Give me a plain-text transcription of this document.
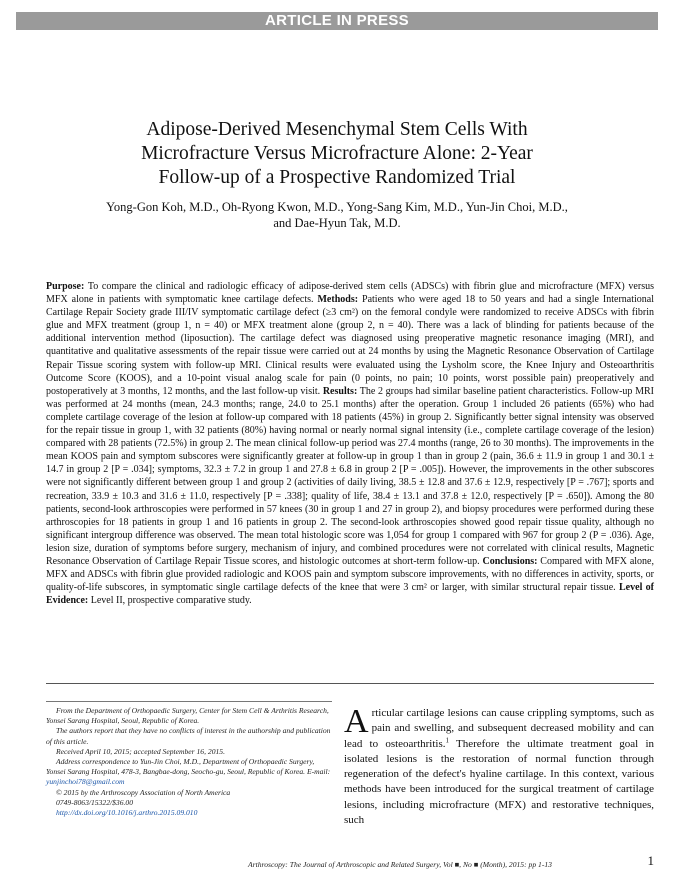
ARTICLE IN PRESS
Adipose-Derived Mesenchymal Stem Cells With
Microfracture Versus Microfracture Alone: 2-Year
Follow-up of a Prospective Randomized Trial

Yong-Gon Koh, M.D., Oh-Ryong Kwon, M.D., Yong-Sang Kim, M.D., Yun-Jin Choi, M.D.,
and Dae-Hyun Tak, M.D.

Purpose: To compare the clinical and radiologic efficacy of adipose-derived stem cells (ADSCs) with fibrin glue and microfracture (MFX) versus MFX alone in patients with symptomatic knee cartilage defects. Methods: Patients who were aged 18 to 50 years and had a single International Cartilage Repair Society grade III/IV symptomatic cartilage defect (≥3 cm²) on the femoral condyle were randomized to receive ADSCs with fibrin glue and MFX treatment (group 1, n = 40) or MFX treatment alone (group 2, n = 40). There was a lack of blinding for patients because of the additional intervention method (liposuction). The cartilage defect was diagnosed using preoperative magnetic resonance imaging (MRI), and quantitative and qualitative assessments of the repair tissue were carried out at 24 months by using the Magnetic Resonance Observation of Cartilage Repair Tissue scoring system with follow-up MRI. Clinical results were evaluated using the Lysholm score, the Knee Injury and Osteoarthritis Outcome Score (KOOS), and a 10-point visual analog scale for pain (0 points, no pain; 10 points, worst possible pain) preoperatively and postoperatively at 3 months, 12 months, and the last follow-up visit. Results: The 2 groups had similar baseline patient characteristics. Follow-up MRI was performed at 24 months (mean, 24.3 months; range, 24.0 to 25.1 months) after the operation. Group 1 included 26 patients (65%) who had complete cartilage coverage of the lesion at follow-up compared with 18 patients (45%) in group 2. Significantly better signal intensity was observed for the repair tissue in group 1, with 32 patients (80%) having normal or nearly normal signal intensity (i.e., complete cartilage coverage of the lesion) compared with 28 patients (72.5%) in group 2. The mean clinical follow-up period was 27.4 months (range, 26 to 30 months). The improvements in the mean KOOS pain and symptom subscores were significantly greater at follow-up in group 1 than in group 2 (pain, 36.6 ± 11.9 in group 1 and 30.1 ± 14.7 in group 2 [P = .034]; symptoms, 32.3 ± 7.2 in group 1 and 27.8 ± 6.8 in group 2 [P = .005]). However, the improvements in the other subscores were not significantly different between group 1 and group 2 (activities of daily living, 38.5 ± 12.8 and 37.6 ± 12.9, respectively [P = .767]; sports and recreation, 33.9 ± 10.3 and 31.6 ± 11.0, respectively [P = .338]; quality of life, 38.4 ± 13.1 and 37.8 ± 12.0, respectively [P = .650]). Among the 80 patients, second-look arthroscopies were performed in 57 knees (30 in group 1 and 27 in group 2), and biopsy procedures were performed during these arthroscopies for 18 patients in group 1 and 16 patients in group 2. The second-look arthroscopies showed good repair tissue quality, although no significant intergroup difference was observed. The mean total histologic score was 1,054 for group 1 compared with 967 for group 2 (P = .036). Age, lesion size, duration of symptoms before surgery, mechanism of injury, and combined procedures were not correlated with clinical results, Magnetic Resonance Observation of Cartilage Repair Tissue scores, and histologic outcomes at short-term follow-up. Conclusions: Compared with MFX alone, MFX and ADSCs with fibrin glue provided radiologic and KOOS pain and symptom subscore improvements, with no differences in activity, sports, or quality-of-life subscores, in symptomatic single cartilage defects of the knee that were 3 cm² or larger, with similar structural repair tissue. Level of Evidence: Level II, prospective comparative study.

From the Department of Orthopaedic Surgery, Center for Stem Cell & Arthritis Research, Yonsei Sarang Hospital, Seoul, Republic of Korea.
The authors report that they have no conflicts of interest in the authorship and publication of this article.
Received April 10, 2015; accepted September 16, 2015.
Address correspondence to Yun-Jin Choi, M.D., Department of Orthopaedic Surgery, Yonsei Sarang Hospital, 478-3, Bangbae-dong, Seocho-gu, Seoul, Republic of Korea. E-mail: yunjinchoi78@gmail.com
© 2015 by the Arthroscopy Association of North America
0749-8063/15322/$36.00
http://dx.doi.org/10.1016/j.arthro.2015.09.010

Articular cartilage lesions can cause crippling symptoms, such as pain and swelling, and subsequent decreased mobility and can lead to osteoarthritis.$^1$ Therefore the ultimate treatment goal in isolated lesions is the restoration of normal function through regeneration of the defect's hyaline cartilage. In this context, various methods have been introduced for the surgical treatment of cartilage lesions, including microfracture (MFX) and restorative techniques, such

Arthroscopy: The Journal of Arthroscopic and Related Surgery, Vol ■, No ■ (Month), 2015: pp 1-13	1
